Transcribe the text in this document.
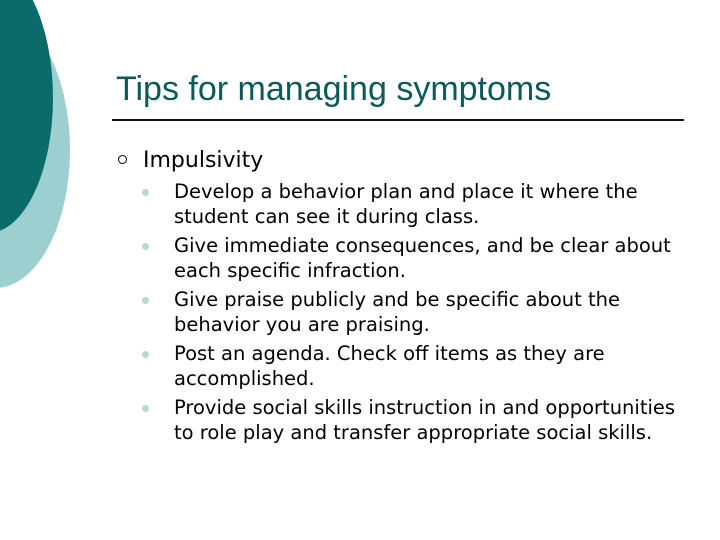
Tips for managing symptoms
Impulsivity
Develop a behavior plan and place it where the student can see it during class.
Give immediate consequences, and be clear about each specific infraction.
Give praise publicly and be specific about the behavior you are praising.
Post an agenda. Check off items as they are accomplished.
Provide social skills instruction in and opportunities to role play and transfer appropriate social skills.
